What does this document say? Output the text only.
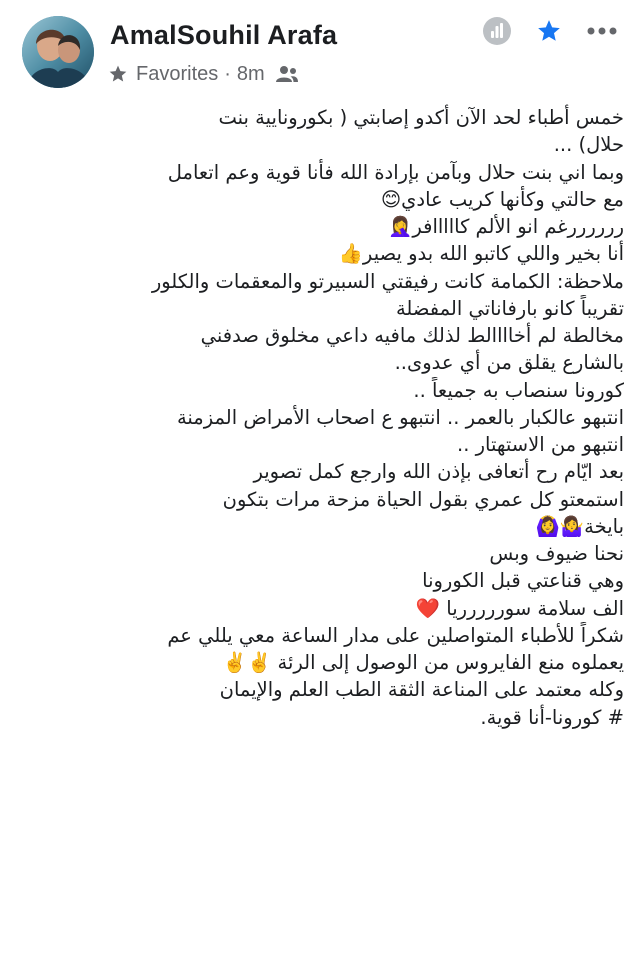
AmalSouhil Arafa
Favorites · 8m
خمس أطباء لحد الآن أكدو إصابتي ( بكورونايية بنت
حلال) ...
وبما اني بنت حلال وبآمن بإرادة الله فأنا قوية وعم اتعامل
مع حالتي وكأنها كريب عادي😊
ررررررغم انو الألم كااااافر🤦‍♀️
أنا بخير واللي كاتبو الله بدو يصير👍
ملاحظة: الكمامة كانت رفيقتي السبيرتو والمعقمات والكلور
تقريباً كانو بارفاناتي المفضلة
مخالطة لم أخاااالط لذلك مافيه داعي مخلوق صدفني
بالشارع يقلق من أي عدوى..
كورونا سنصاب به جميعاً ..
انتبهو عالكبار بالعمر .. انتبهو ع اصحاب الأمراض المزمنة
انتبهو من الاستهتار ..
بعد ايّام رح أتعافى بإذن الله وارجع كمل تصوير
استمعتو كل عمري بقول الحياة مزحة مرات بتكون
بايخة🤷‍♀️🙆‍♀️
نحنا ضيوف وبس
وهي قناعتي قبل الكورونا
الف سلامة سوررررريا ❤️
شكراً للأطباء المتواصلين على مدار الساعة معي يللي عم
يعملوه منع الفايروس من الوصول إلى الرئة ✌️✌️
وكله معتمد على المناعة الثقة الطب العلم والإيمان
# كورونا-أنا قوية.
